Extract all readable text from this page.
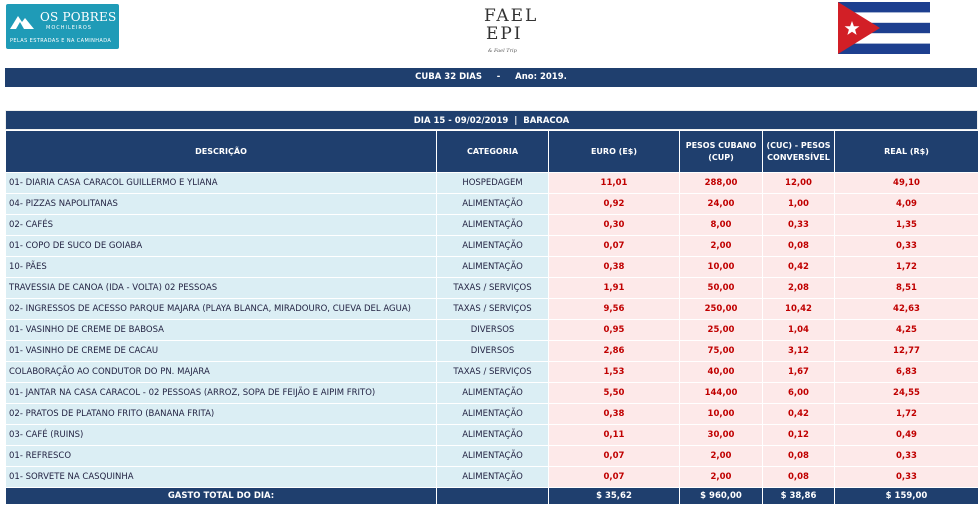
OS POBRES
MOCHILEIROS
PELAS ESTRADAS E NA CAMINHADA
FAEL
EPI
& Fael Trip
CUBA 32 DIAS     -     Ano: 2019.
DIA 15 - 09/02/2019  |  BARACOA
DESCRIÇÃO	CATEGORIA	EURO (E$)	PESOS CUBANO (CUP)	(CUC) - PESOS CONVERSÍVEL	REAL (R$)
01- DIARIA CASA CARACOL GUILLERMO E YLIANA	HOSPEDAGEM	11,01	288,00	12,00	49,10
04- PIZZAS NAPOLITANAS	ALIMENTAÇÃO	0,92	24,00	1,00	4,09
02- CAFÉS	ALIMENTAÇÃO	0,30	8,00	0,33	1,35
01- COPO DE SUCO DE GOIABA	ALIMENTAÇÃO	0,07	2,00	0,08	0,33
10- PÃES	ALIMENTAÇÃO	0,38	10,00	0,42	1,72
TRAVESSIA DE CANOA (IDA - VOLTA) 02 PESSOAS	TAXAS / SERVIÇOS	1,91	50,00	2,08	8,51
02- INGRESSOS DE ACESSO PARQUE MAJARA (PLAYA BLANCA, MIRADOURO, CUEVA DEL AGUA)	TAXAS / SERVIÇOS	9,56	250,00	10,42	42,63
01- VASINHO DE CREME DE BABOSA	DIVERSOS	0,95	25,00	1,04	4,25
01- VASINHO DE CREME DE CACAU	DIVERSOS	2,86	75,00	3,12	12,77
COLABORAÇÃO AO CONDUTOR DO PN. MAJARA	TAXAS / SERVIÇOS	1,53	40,00	1,67	6,83
01- JANTAR NA CASA CARACOL - 02 PESSOAS (ARROZ, SOPA DE FEIJÃO E AIPIM FRITO)	ALIMENTAÇÃO	5,50	144,00	6,00	24,55
02- PRATOS DE PLATANO FRITO (BANANA FRITA)	ALIMENTAÇÃO	0,38	10,00	0,42	1,72
03- CAFÉ (RUINS)	ALIMENTAÇÃO	0,11	30,00	0,12	0,49
01- REFRESCO	ALIMENTAÇÃO	0,07	2,00	0,08	0,33
01- SORVETE NA CASQUINHA	ALIMENTAÇÃO	0,07	2,00	0,08	0,33
GASTO TOTAL DO DIA:		$ 35,62	$ 960,00	$ 38,86	$ 159,00
